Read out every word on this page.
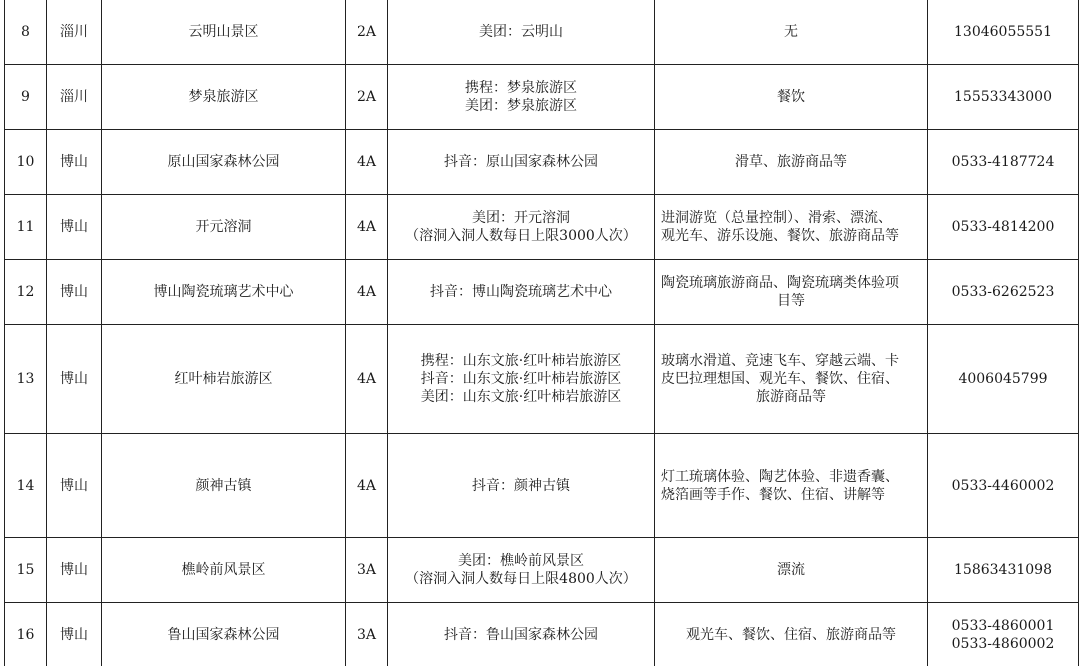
8	淄川	云明山景区	2A	美团：云明山	无	13046055551

9	淄川	梦泉旅游区	2A	携程：梦泉旅游区
美团：梦泉旅游区	餐饮	15553343000

10	博山	原山国家森林公园	4A	抖音：原山国家森林公园	滑草、旅游商品等	0533-4187724

11	博山	开元溶洞	4A	美团：开元溶洞
（溶洞入洞人数每日上限3000人次）	进洞游览（总量控制）、滑索、漂流、
观光车、游乐设施、餐饮、旅游商品等	0533-4814200

12	博山	博山陶瓷琉璃艺术中心	4A	抖音：博山陶瓷琉璃艺术中心	陶瓷琉璃旅游商品、陶瓷琉璃类体验项
目等	0533-6262523

13	博山	红叶柿岩旅游区	4A	携程：山东文旅·红叶柿岩旅游区
抖音：山东文旅·红叶柿岩旅游区
美团：山东文旅·红叶柿岩旅游区	玻璃水滑道、竞速飞车、穿越云端、卡
皮巴拉理想国、观光车、餐饮、住宿、
旅游商品等	4006045799

14	博山	颜神古镇	4A	抖音：颜神古镇	灯工琉璃体验、陶艺体验、非遗香囊、
烧箔画等手作、餐饮、住宿、讲解等	0533-4460002

15	博山	樵岭前风景区	3A	美团：樵岭前风景区
（溶洞入洞人数每日上限4800人次）	漂流	15863431098

16	博山	鲁山国家森林公园	3A	抖音：鲁山国家森林公园	观光车、餐饮、住宿、旅游商品等	0533-4860001
0533-4860002
